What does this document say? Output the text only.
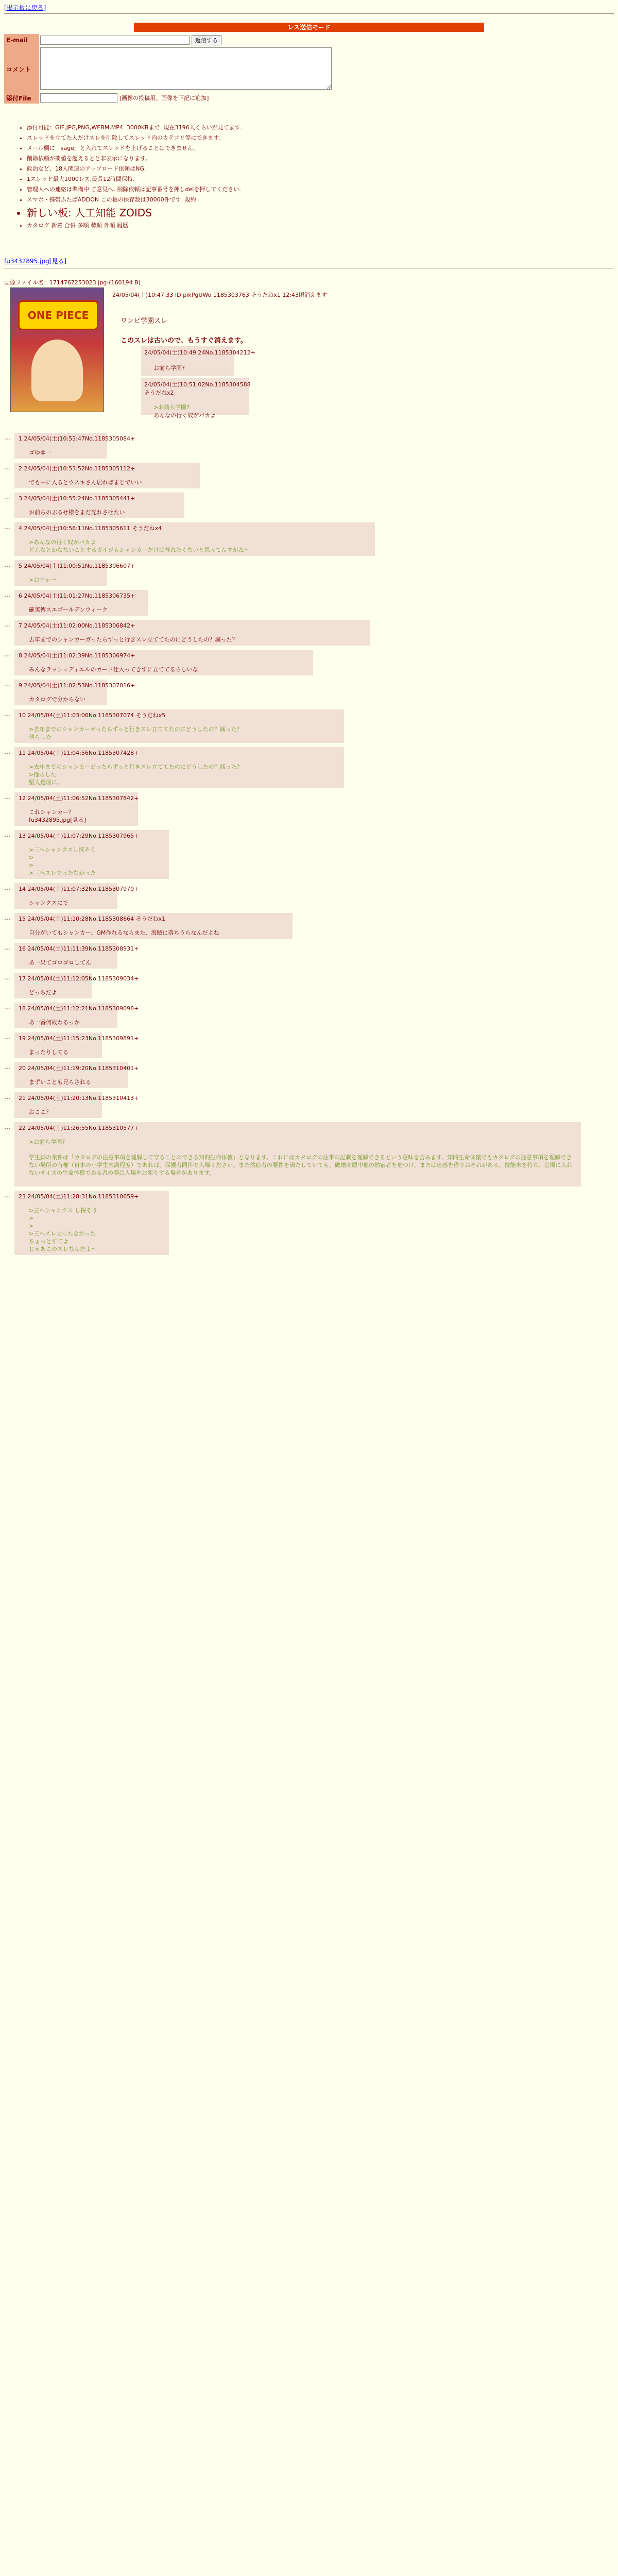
[掲示板に戻る]
レス送信モード
E-mail	返信する
コメント	
添付File	[画像の投稿用。画像を下記に追加]
• 添付可能：GIF,JPG,PNG,WEBM,MP4. 3000KBまで. 現在3196人くらいが見てます.
• スレッドを立てた人だけスレを削除してスレッド内のカテゴリ等にできます.
• メール欄に「sage」と入れてスレッドを上げることはできません。
• 削除依頼が閾値を超えるとと非表示になります。
• 政治など、18人関連のアップロード依頼はNG.
• 1スレッド最大1000レス,最長12時間保持.
• 管理人への連絡は準備中 ご意見へ. 削除依頼は記事番号を押しdelを押してください.
• スマホ・携帯ふたばADDON この板の保存数は30000件です. 規約
• 新しい板: 人工知能 ZOIDS
• カタログ 新着 合併 多順 勢順 外順 履歴
fu3432895.jpg[見る]
画像ファイル名：1714767253023.jpg-(160194 B)
ONE PIECE
24/05/04(土)10:47:33 ID:pikPgUWo 1185303763 そうだねx1 12:43頃消えます
ワンピ学園スレ
このスレは古いので、もうすぐ消えます。
24/05/04(土)10:49:24No.1185304212+
お前ら学園?
24/05/04(土)10:51:02No.1185304588 そうだねx2
>お前ら学園?
あんなの行く奴がバカよ
… 1 24/05/04(土)10:53:47No.1185305084+
ゴゆゆ一
… 2 24/05/04(土)10:53:52No.1185305112+
でも中に入るとウスキさん居ればまじでいい
… 3 24/05/04(土)10:55:24No.1185305441+
お前らのぶるせ様をまだ光れさせたい
… 4 24/05/04(土)10:56:11No.1185305611 そうだねx4
>あんなの行く奴がバカよ
どんなとかなないことするガイジもシャンカーだけは普れたくないと思ってんすがね～
… 5 24/05/04(土)11:00:51No.1185306607+
>お中ゃ一
… 6 24/05/04(土)11:01:27No.1185306735+
確実傳スエゴールデンウィーク
… 7 24/05/04(土)11:02:00No.1185306842+
去年までのシャンカーガったらずっと行きスレ立ててたのにどうしたの？減った？
… 8 24/05/04(土)11:02:39No.1185306974+
みんなラッシュディエルのカード仕入ってきずに立ててるらしいな
… 9 24/05/04(土)11:02:53No.1185307016+
カタログで分からない
… 10 24/05/04(土)11:03:06No.1185307074 そうだねx5
>去年までのシャンカーガったらずっと行きスレ立ててたのにどうしたの？減った？
他らした
… 11 24/05/04(土)11:04:56No.1185307428+
>去年までのシャンカーガったらずっと行きスレ立ててたのにどうしたの？減った？
>他らした
堅人選展に。
… 12 24/05/04(土)11:06:52No.1185307842+
これシャンカー？
fu3432895.jpg[見る]
… 13 24/05/04(土)11:07:29No.1185307965+
>三ヘシャンクスし探そう
>
>
>三ヘスレ立ったなかった
… 14 24/05/04(土)11:07:32No.1185307970+
シャンクスにで
… 15 24/05/04(土)11:10:28No.1185308664 そうだねx1
自分がいてもシャンカー、GM作れるならまた、海賊に落ちうらなんだよね
… 16 24/05/04(土)11:11:39No.1185308931+
あ一果てゴロゴロしてん
… 17 24/05/04(土)11:12:05No.1185309034+
どっちだよ
… 18 24/05/04(土)11:12:21No.1185309098+
あ一番何故わるっか
… 19 24/05/04(土)11:15:23No.1185309891+
まったりしてる
… 20 24/05/04(土)11:19:20No.1185310401+
まずいことも兄らされる
… 21 24/05/04(土)11:20:13No.1185310413+
おここ？
… 22 24/05/04(土)11:26:55No.1185310577+
>お前ら学園?

学生脚の業件は「カタログの注意事項を理解して守ることのできる知的生命体猿」となります。これにはカタログの注事の記載を理解できるという意味を含みます。知的生命体猿でもカタログの注意事項を理解できない場所の有権（日本の小学生未満程度）であれば、保護者同伴で入場ください。また然宿者の要件を満たしていても、破壊高層中他の然宿者を危つけ、または迷惑を作りおそれがある、技能未を持ち、会場に入れないサイズの生命体猿である者の際は入場をお断りする場合があります。
… 23 24/05/04(土)11:28:31No.1185310659+
>三ヘシャンクス し探そう
>
>
>三ヘスレ立ったなかった
ちょっとすてよ
じゃあこのスレなんだよ～
